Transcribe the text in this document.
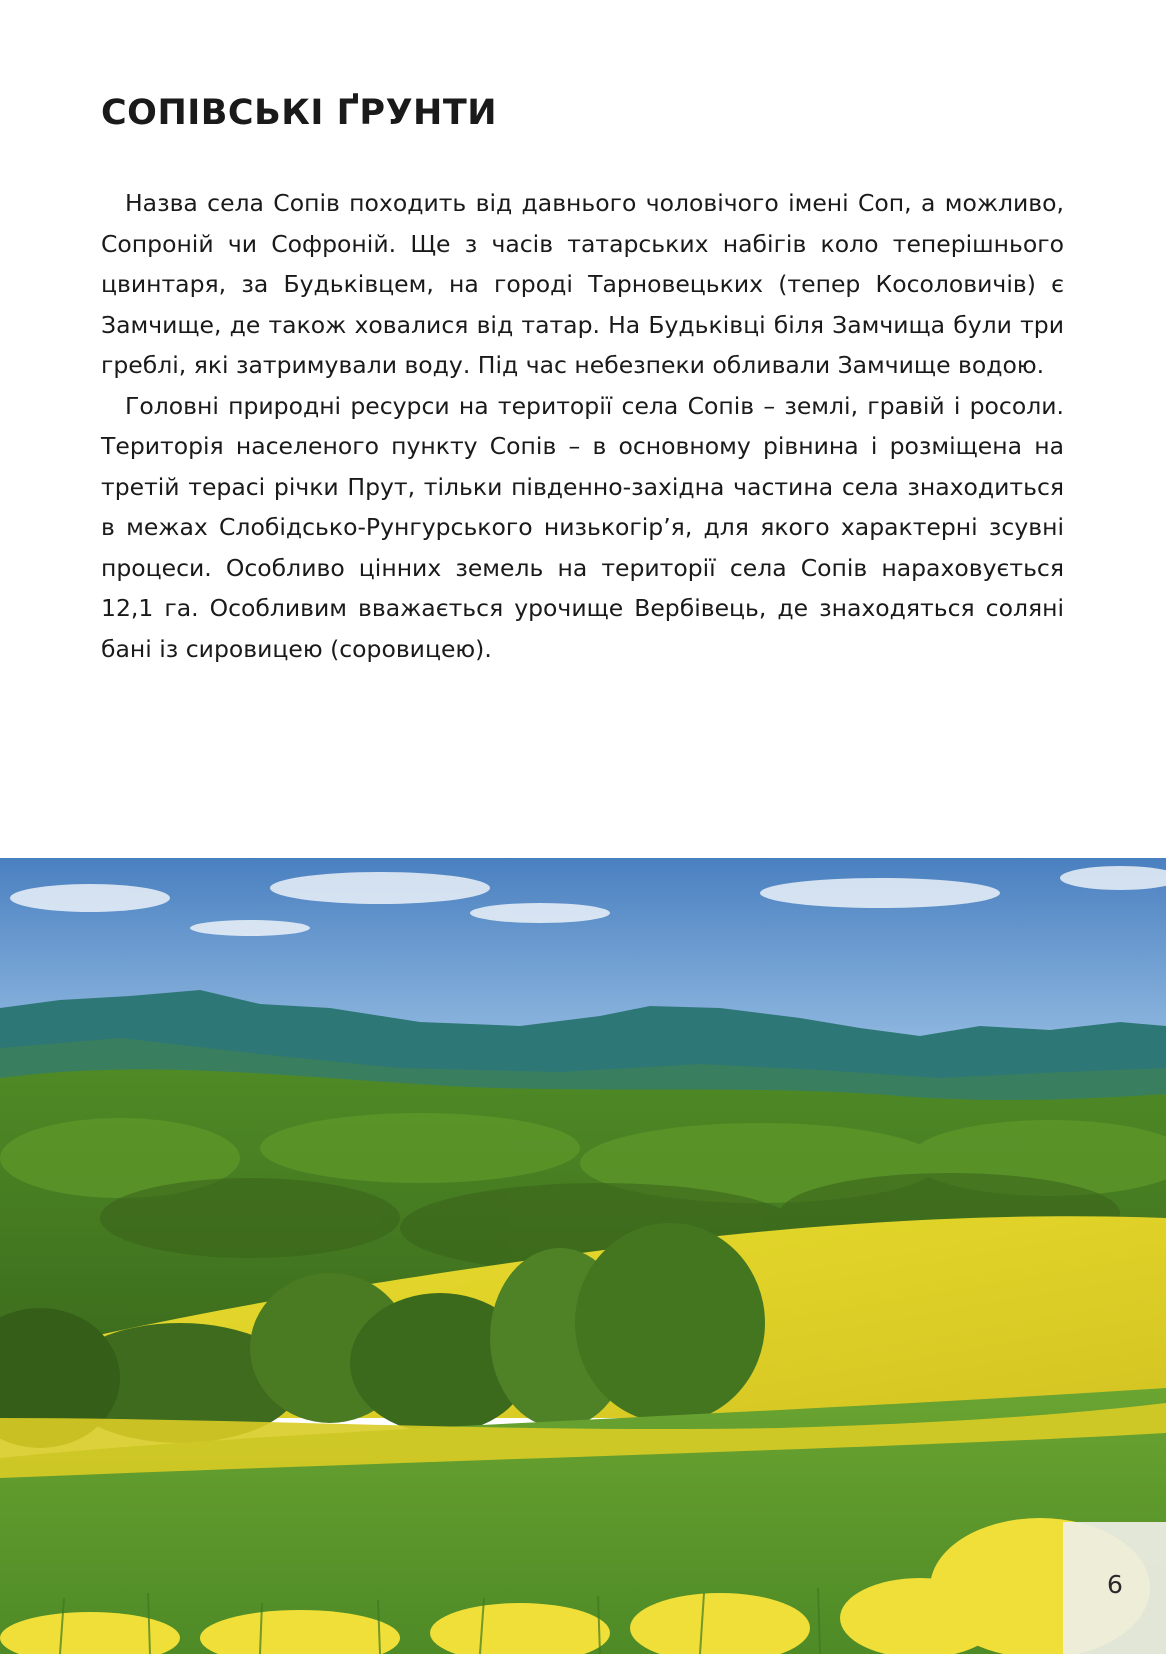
СОПІВСЬКІ ҐРУНТИ

Назва села Сопів походить від давнього чоловічого імені Соп, а можливо, Сопроній чи Софроній. Ще з часів татарських набігів коло теперішнього цвинтаря, за Будьківцем, на городі Тарновецьких (тепер Косоловичів) є Замчище, де також ховалися від татар. На Будьківці біля Замчища були три греблі, які затримували воду. Під час небезпеки обливали Замчище водою.

Головні природні ресурси на території села Сопів – землі, гравій і росоли. Територія населеного пункту Сопів – в основному рівнина і розміщена на третій терасі річки Прут, тільки південно-західна частина села знаходиться в межах Слобідсько-Рунгурського низькогір’я, для якого характерні зсувні процеси. Особливо цінних земель на території села Сопів нараховується 12,1 га. Особливим вважається урочище Вербівець, де знаходяться соляні бані із сировицею (соровицею).

6
